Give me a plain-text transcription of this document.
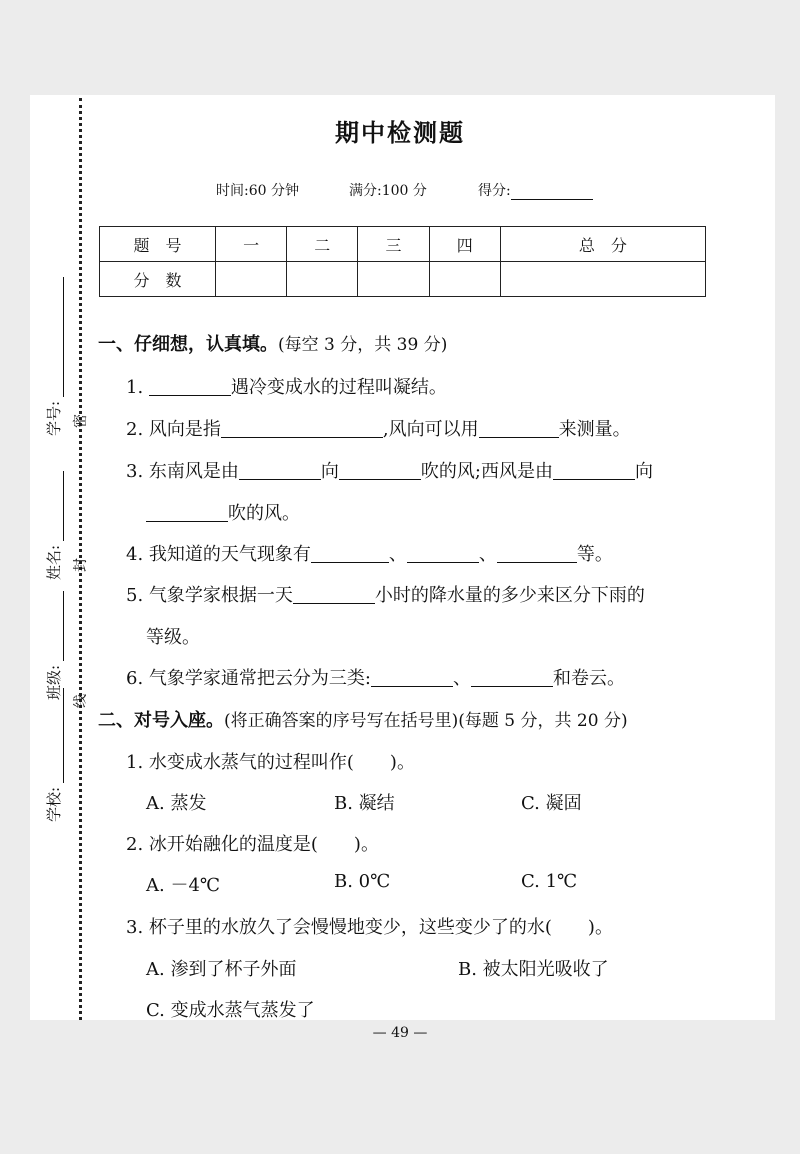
学校:
班级:
姓名:
学号:
线
封
密
期中检测题
时间:60 分钟	满分:100 分	得分:
题　号	一	二	三	四	总　分
分　数					
一、仔细想，认真填。(每空 3 分，共 39 分)
1.	遇冷变成水的过程叫凝结。
2. 风向是指	,风向可以用	来测量。
3. 东南风是由	向	吹的风;西风是由	向
吹的风。
4. 我知道的天气现象有	、	、	等。
5. 气象学家根据一天	小时的降水量的多少来区分下雨的
等级。
6. 气象学家通常把云分为三类:	、	和卷云。
二、对号入座。(将正确答案的序号写在括号里)(每题 5 分，共 20 分)
1. 水变成水蒸气的过程叫作(　　)。
A. 蒸发	B. 凝结	C. 凝固
2. 冰开始融化的温度是(　　)。
A. －4℃	B. 0℃	C. 1℃
3. 杯子里的水放久了会慢慢地变少，这些变少了的水(　　)。
A. 渗到了杯子外面	B. 被太阳光吸收了
C. 变成水蒸气蒸发了
— 49 —
